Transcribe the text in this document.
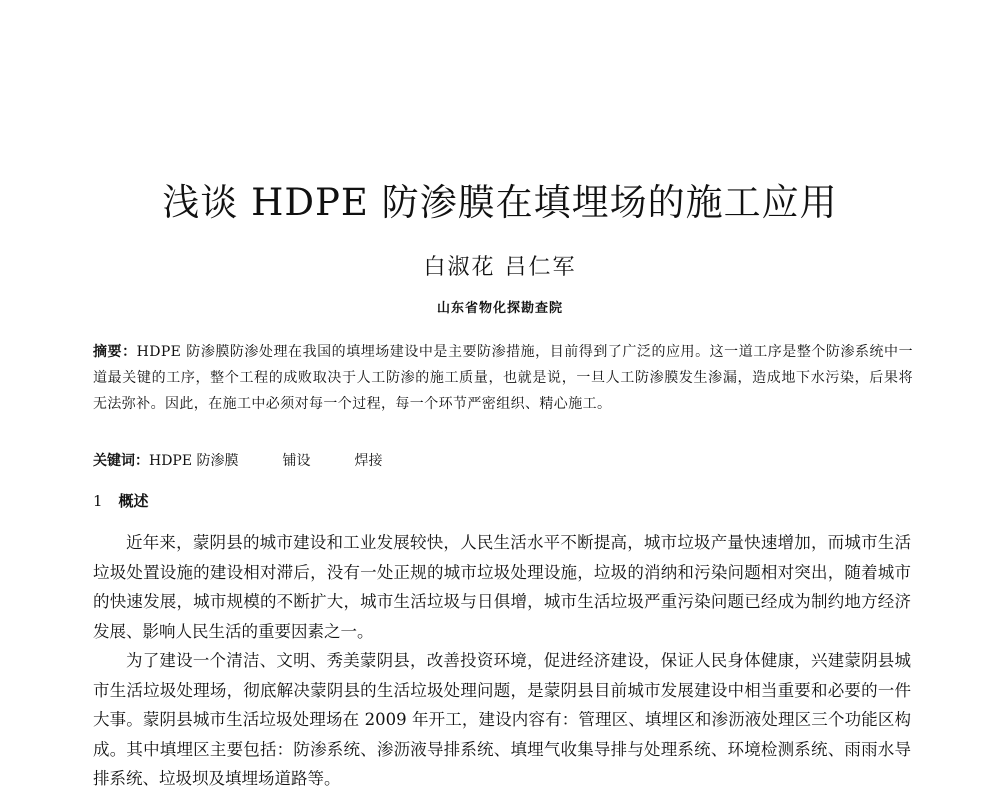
浅谈 HDPE 防渗膜在填埋场的施工应用
白淑花 吕仁军
山东省物化探勘查院
摘要：HDPE 防渗膜防渗处理在我国的填埋场建设中是主要防渗措施，目前得到了广泛的应用。这一道工序是整个防渗系统中一道最关键的工序，整个工程的成败取决于人工防渗的施工质量，也就是说，一旦人工防渗膜发生渗漏，造成地下水污染，后果将无法弥补。因此，在施工中必须对每一个过程，每一个环节严密组织、精心施工。
关键词：HDPE 防渗膜	铺设	焊接
1 概述

近年来，蒙阴县的城市建设和工业发展较快，人民生活水平不断提高，城市垃圾产量快速增加，而城市生活垃圾处置设施的建设相对滞后，没有一处正规的城市垃圾处理设施，垃圾的消纳和污染问题相对突出，随着城市的快速发展，城市规模的不断扩大，城市生活垃圾与日俱增，城市生活垃圾严重污染问题已经成为制约地方经济发展、影响人民生活的重要因素之一。

为了建设一个清洁、文明、秀美蒙阴县，改善投资环境，促进经济建设，保证人民身体健康，兴建蒙阴县城市生活垃圾处理场，彻底解决蒙阴县的生活垃圾处理问题，是蒙阴县目前城市发展建设中相当重要和必要的一件大事。蒙阴县城市生活垃圾处理场在 2009 年开工，建设内容有：管理区、填埋区和渗沥液处理区三个功能区构成。其中填埋区主要包括：防渗系统、渗沥液导排系统、填埋气收集导排与处理系统、环境检测系统、雨雨水导排系统、垃圾坝及填埋场道路等。
